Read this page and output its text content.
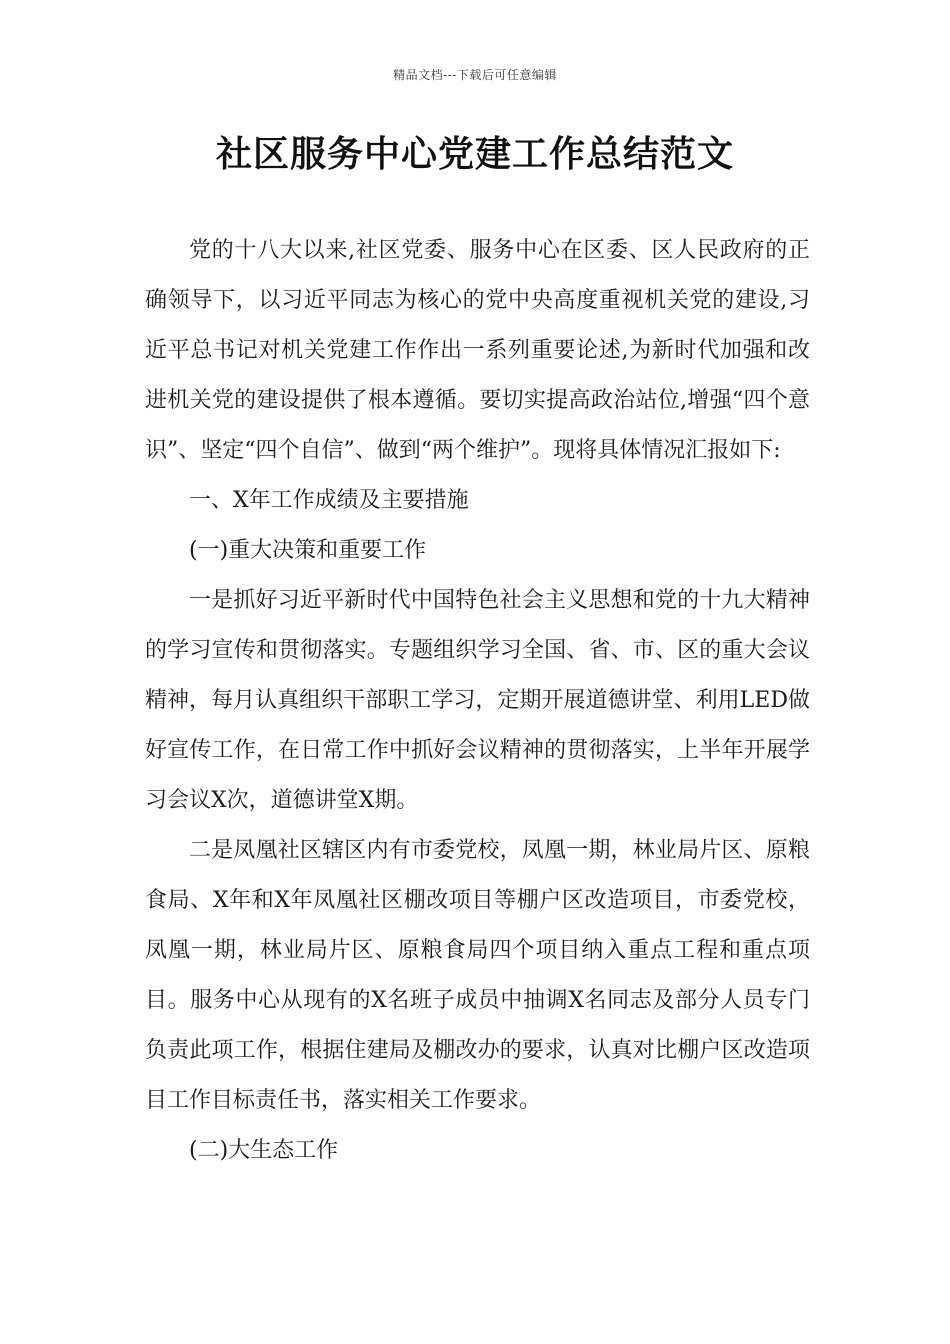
精品文档---下载后可任意编辑
社区服务中心党建工作总结范文

党的十八大以来,社区党委、服务中心在区委、区人民政府的正确领导下，以习近平同志为核心的党中央高度重视机关党的建设,习近平总书记对机关党建工作作出一系列重要论述,为新时代加强和改进机关党的建设提供了根本遵循。要切实提高政治站位,增强“四个意识”、坚定“四个自信”、做到“两个维护”。现将具体情况汇报如下:

一、X年工作成绩及主要措施

(一)重大决策和重要工作

一是抓好习近平新时代中国特色社会主义思想和党的十九大精神的学习宣传和贯彻落实。专题组织学习全国、省、市、区的重大会议精神，每月认真组织干部职工学习，定期开展道德讲堂、利用LED做好宣传工作，在日常工作中抓好会议精神的贯彻落实，上半年开展学习会议X次，道德讲堂X期。

二是凤凰社区辖区内有市委党校，凤凰一期，林业局片区、原粮食局、X年和X年凤凰社区棚改项目等棚户区改造项目，市委党校，凤凰一期，林业局片区、原粮食局四个项目纳入重点工程和重点项目。服务中心从现有的X名班子成员中抽调X名同志及部分人员专门负责此项工作，根据住建局及棚改办的要求，认真对比棚户区改造项目工作目标责任书，落实相关工作要求。

(二)大生态工作
